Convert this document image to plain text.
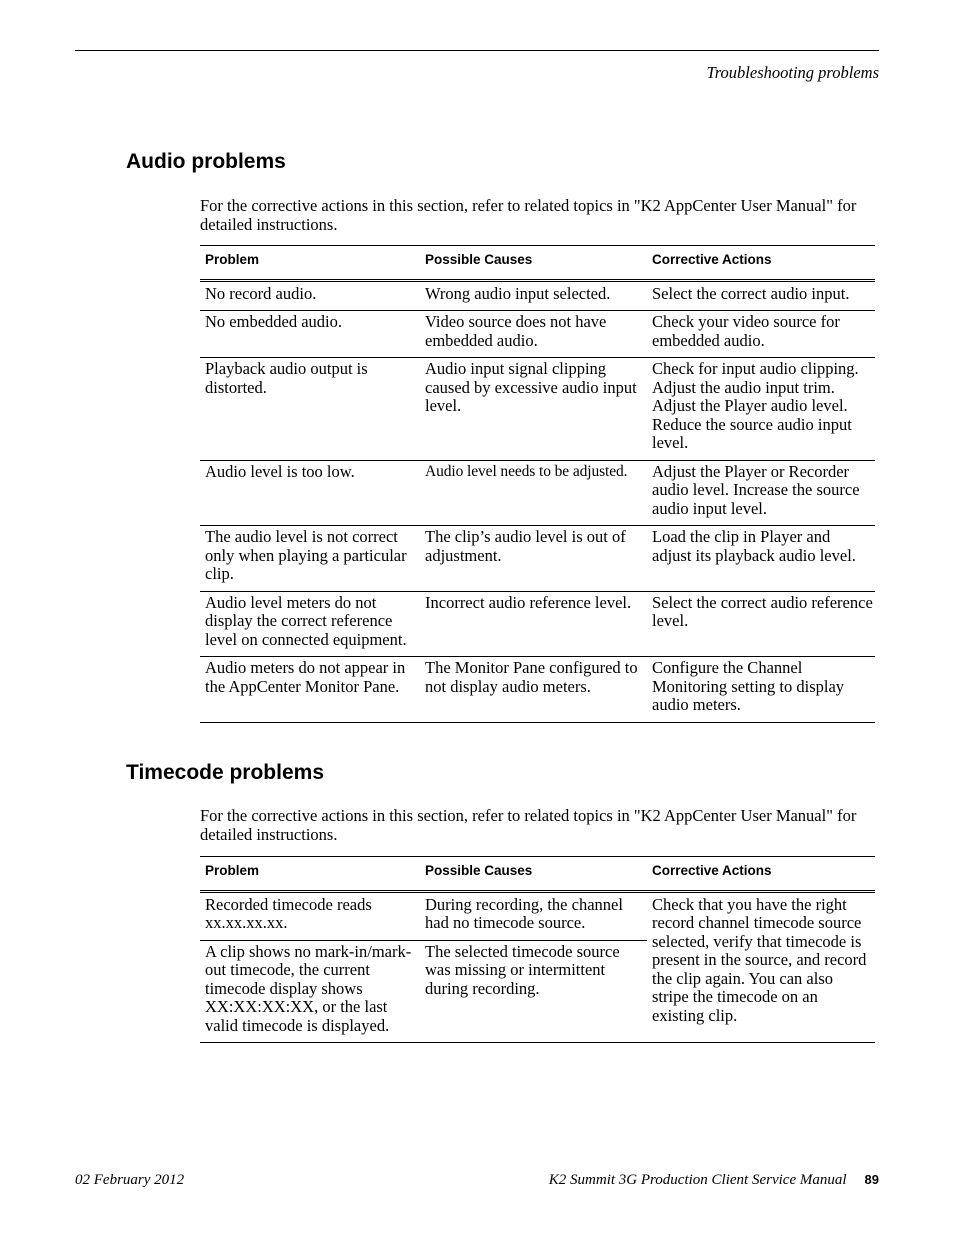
Troubleshooting problems
Audio problems

For the corrective actions in this section, refer to related topics in "K2 AppCenter User Manual" for detailed instructions.

Problem	Possible Causes	Corrective Actions
No record audio.	Wrong audio input selected.	Select the correct audio input.
No embedded audio.	Video source does not have embedded audio.	Check your video source for embedded audio.
Playback audio output is distorted.	Audio input signal clipping caused by excessive audio input level.	Check for input audio clipping. Adjust the audio input trim. Adjust the Player audio level. Reduce the source audio input level.
Audio level is too low.	Audio level needs to be adjusted.	Adjust the Player or Recorder audio level. Increase the source audio input level.
The audio level is not correct only when playing a particular clip.	The clip’s audio level is out of adjustment.	Load the clip in Player and adjust its playback audio level.
Audio level meters do not display the correct reference level on connected equipment.	Incorrect audio reference level.	Select the correct audio reference level.
Audio meters do not appear in the AppCenter Monitor Pane.	The Monitor Pane configured to not display audio meters.	Configure the Channel Monitoring setting to display audio meters.
Timecode problems

For the corrective actions in this section, refer to related topics in "K2 AppCenter User Manual" for detailed instructions.

Problem	Possible Causes	Corrective Actions
Recorded timecode reads xx.xx.xx.xx.	During recording, the channel had no timecode source.	Check that you have the right record channel timecode source selected, verify that timecode is present in the source, and record the clip again. You can also stripe the timecode on an existing clip.
A clip shows no mark-in/mark-out timecode, the current timecode display shows XX:XX:XX:XX, or the last valid timecode is displayed.	The selected timecode source was missing or intermittent during recording.	
02 February 2012	K2 Summit 3G Production Client Service Manual 89
